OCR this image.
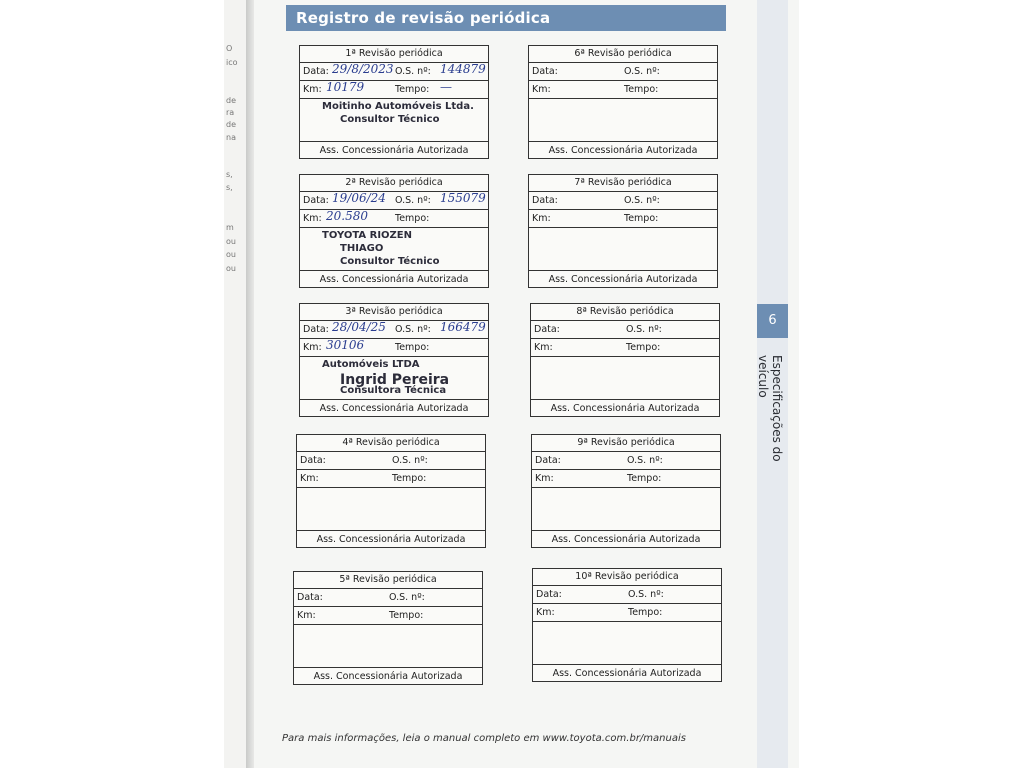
O
ico
de
ra
de
na
s,
s,
m
ou
ou
ou
Registro de revisão periódica
6
Especificações do veículo
1ª Revisão periódica
Data: 29/8/2023 O.S. nº: 144879
Km: 10179	Tempo: —
Moitinho Automóveis Ltda.
Consultor Técnico
Ass. Concessionária Autorizada
2ª Revisão periódica
Data: 19/06/24 O.S. nº: 155079
Km: 20.580	Tempo:
TOYOTA RIOZEN
THIAGO
Consultor Técnico
Ass. Concessionária Autorizada
3ª Revisão periódica
Data: 28/04/25 O.S. nº: 166479
Km: 30106	Tempo:
Automóveis LTDA
Ingrid Pereira
Consultora Técnica
Ass. Concessionária Autorizada
4ª Revisão periódica
Data:	O.S. nº:
Km:	Tempo:
Ass. Concessionária Autorizada
5ª Revisão periódica
Data:	O.S. nº:
Km:	Tempo:
Ass. Concessionária Autorizada
6ª Revisão periódica
Data:	O.S. nº:
Km:	Tempo:
Ass. Concessionária Autorizada
7ª Revisão periódica
Data:	O.S. nº:
Km:	Tempo:
Ass. Concessionária Autorizada
8ª Revisão periódica
Data:	O.S. nº:
Km:	Tempo:
Ass. Concessionária Autorizada
9ª Revisão periódica
Data:	O.S. nº:
Km:	Tempo:
Ass. Concessionária Autorizada
10ª Revisão periódica
Data:	O.S. nº:
Km:	Tempo:
Ass. Concessionária Autorizada
Para mais informações, leia o manual completo em www.toyota.com.br/manuais
